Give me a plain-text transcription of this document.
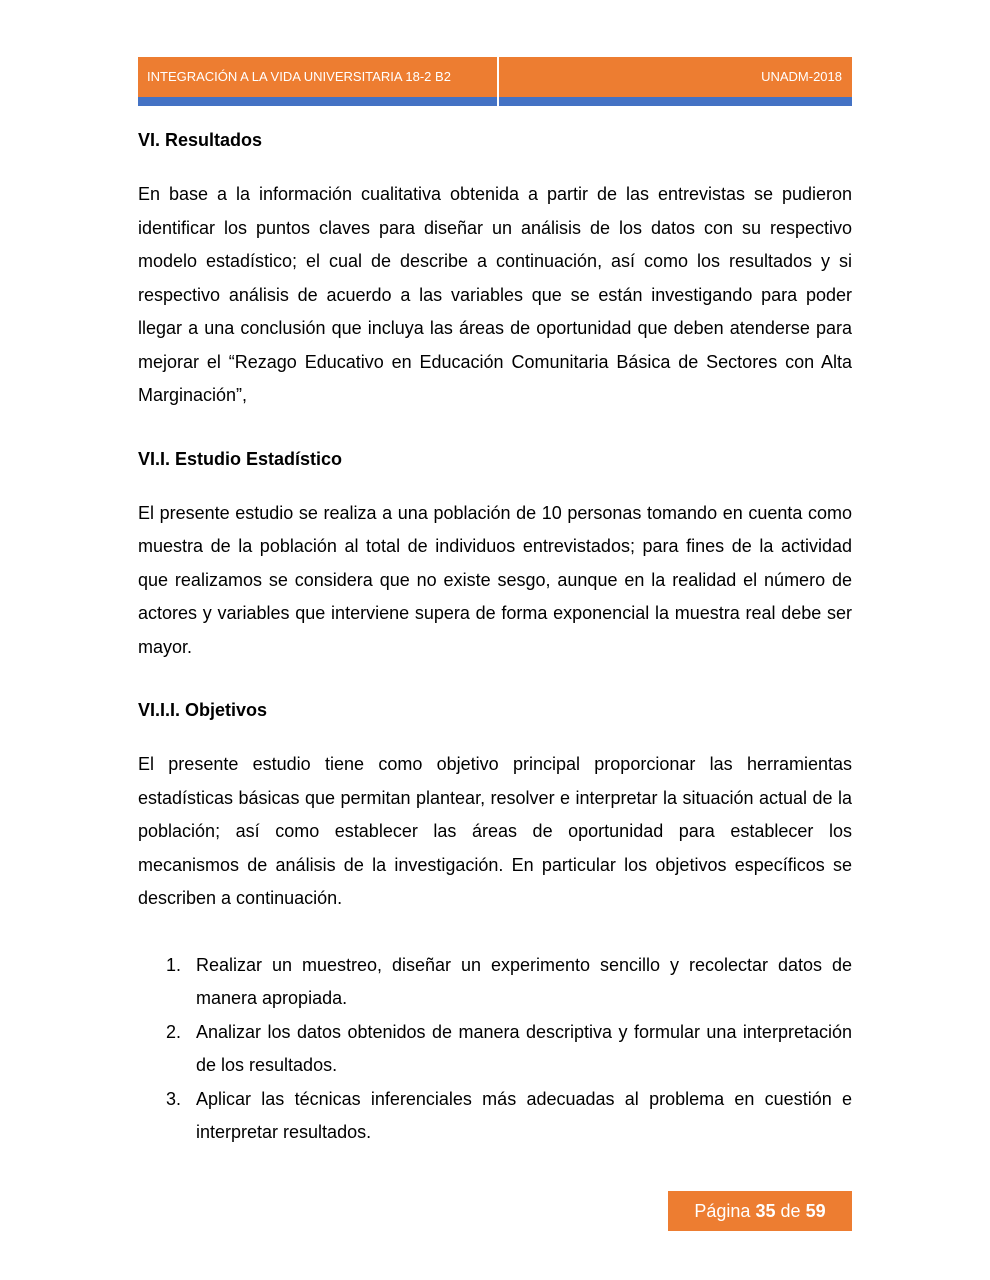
INTEGRACIÓN A LA VIDA UNIVERSITARIA 18-2 B2	UNADM-2018
VI. Resultados

En base a la información cualitativa obtenida a partir de las entrevistas se pudieron identificar los puntos claves para diseñar un análisis de los datos con su respectivo modelo estadístico; el cual de describe a continuación, así como los resultados y si respectivo análisis de acuerdo a las variables que se están investigando para poder llegar a una conclusión que incluya las áreas de oportunidad que deben atenderse para mejorar el “Rezago Educativo en Educación Comunitaria Básica de Sectores con Alta Marginación”,

VI.I. Estudio Estadístico

El presente estudio se realiza a una población de 10 personas tomando en cuenta como muestra de la población al total de individuos entrevistados; para fines de la actividad que realizamos se considera que no existe sesgo, aunque en la realidad el número de actores y variables que interviene supera de forma exponencial la muestra real debe ser mayor.

VI.I.I. Objetivos

El presente estudio tiene como objetivo principal proporcionar las herramientas estadísticas básicas que permitan plantear, resolver e interpretar la situación actual de la población; así como establecer las áreas de oportunidad para establecer los mecanismos de análisis de la investigación. En particular los objetivos específicos se describen a continuación.

1. Realizar un muestreo, diseñar un experimento sencillo y recolectar datos de manera apropiada.
2. Analizar los datos obtenidos de manera descriptiva y formular una interpretación de los resultados.
3. Aplicar las técnicas inferenciales más adecuadas al problema en cuestión e interpretar resultados.
Página 35 de 59
